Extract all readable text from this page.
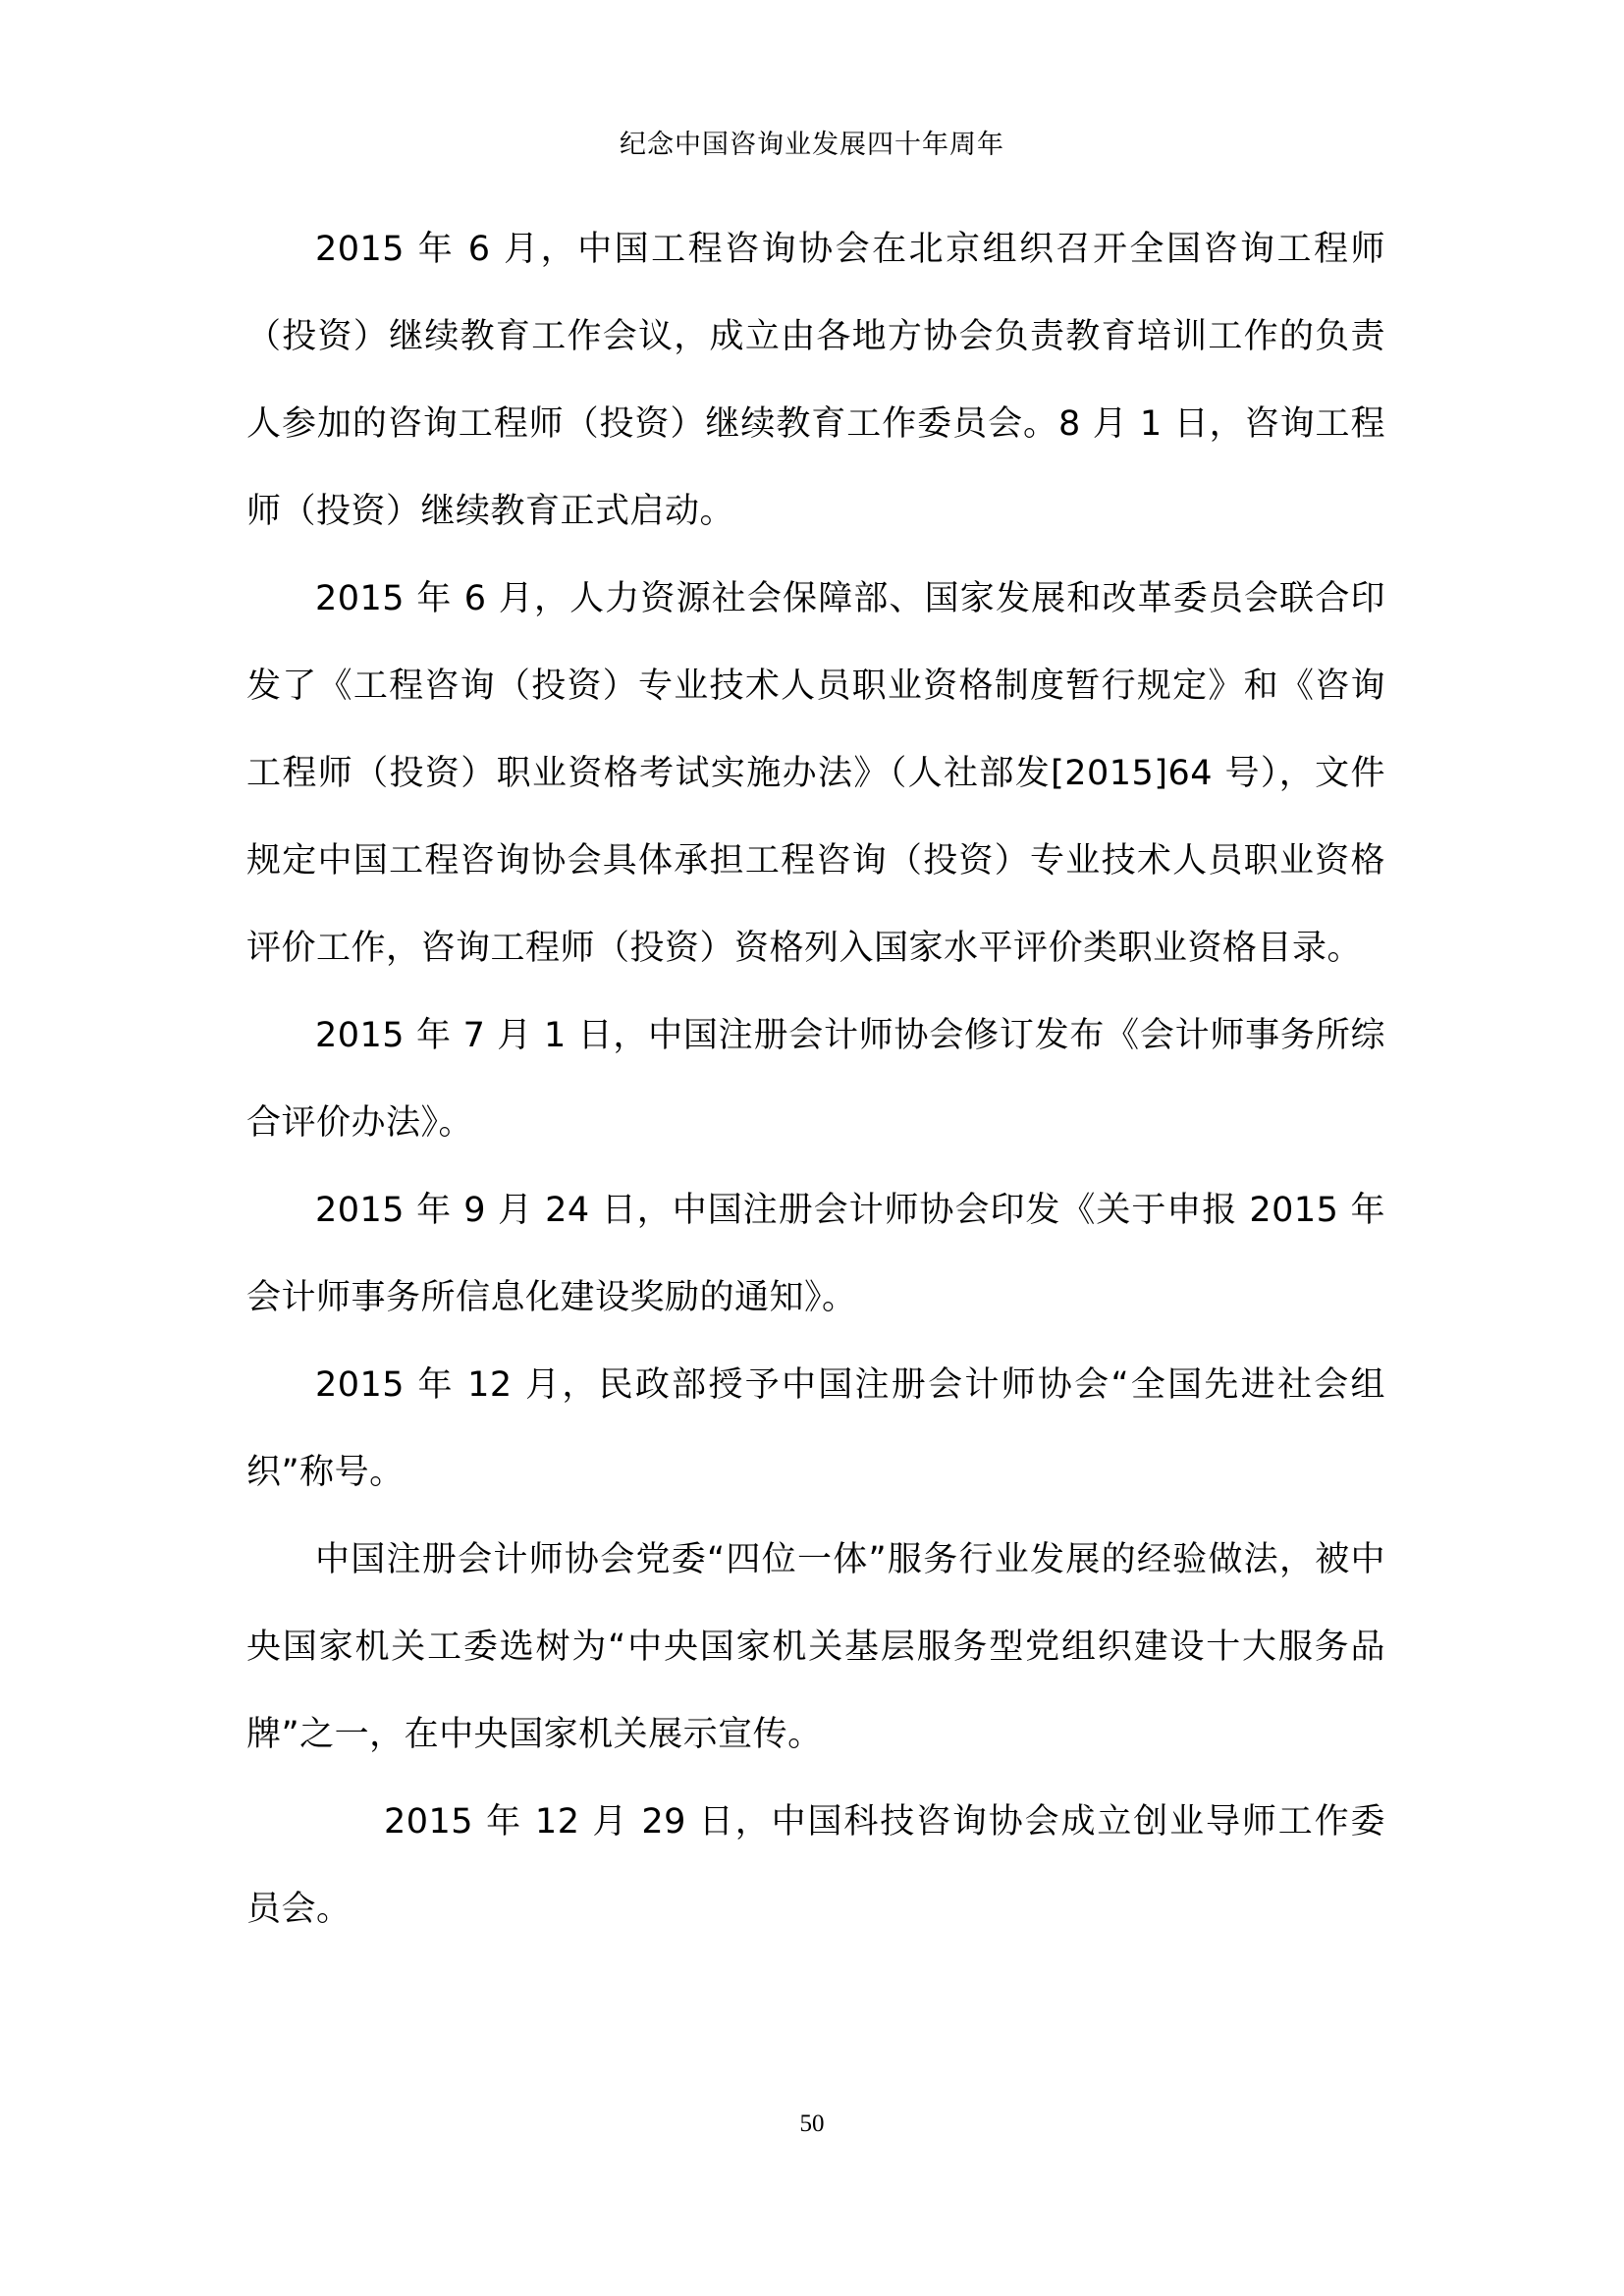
纪念中国咨询业发展四十年周年

2015 年 6 月，中国工程咨询协会在北京组织召开全国咨询工程师（投资）继续教育工作会议，成立由各地方协会负责教育培训工作的负责人参加的咨询工程师（投资）继续教育工作委员会。8 月 1 日，咨询工程师（投资）继续教育正式启动。

2015 年 6 月，人力资源社会保障部、国家发展和改革委员会联合印发了《工程咨询（投资）专业技术人员职业资格制度暂行规定》和《咨询工程师（投资）职业资格考试实施办法》（人社部发[2015]64 号），文件规定中国工程咨询协会具体承担工程咨询（投资）专业技术人员职业资格评价工作，咨询工程师（投资）资格列入国家水平评价类职业资格目录。

2015 年 7 月 1 日，中国注册会计师协会修订发布《会计师事务所综合评价办法》。

2015 年 9 月 24 日，中国注册会计师协会印发《关于申报 2015 年会计师事务所信息化建设奖励的通知》。

2015 年 12 月，民政部授予中国注册会计师协会“全国先进社会组织”称号。

中国注册会计师协会党委“四位一体”服务行业发展的经验做法，被中央国家机关工委选树为“中央国家机关基层服务型党组织建设十大服务品牌”之一，在中央国家机关展示宣传。

2015 年 12 月 29 日，中国科技咨询协会成立创业导师工作委员会。

50
